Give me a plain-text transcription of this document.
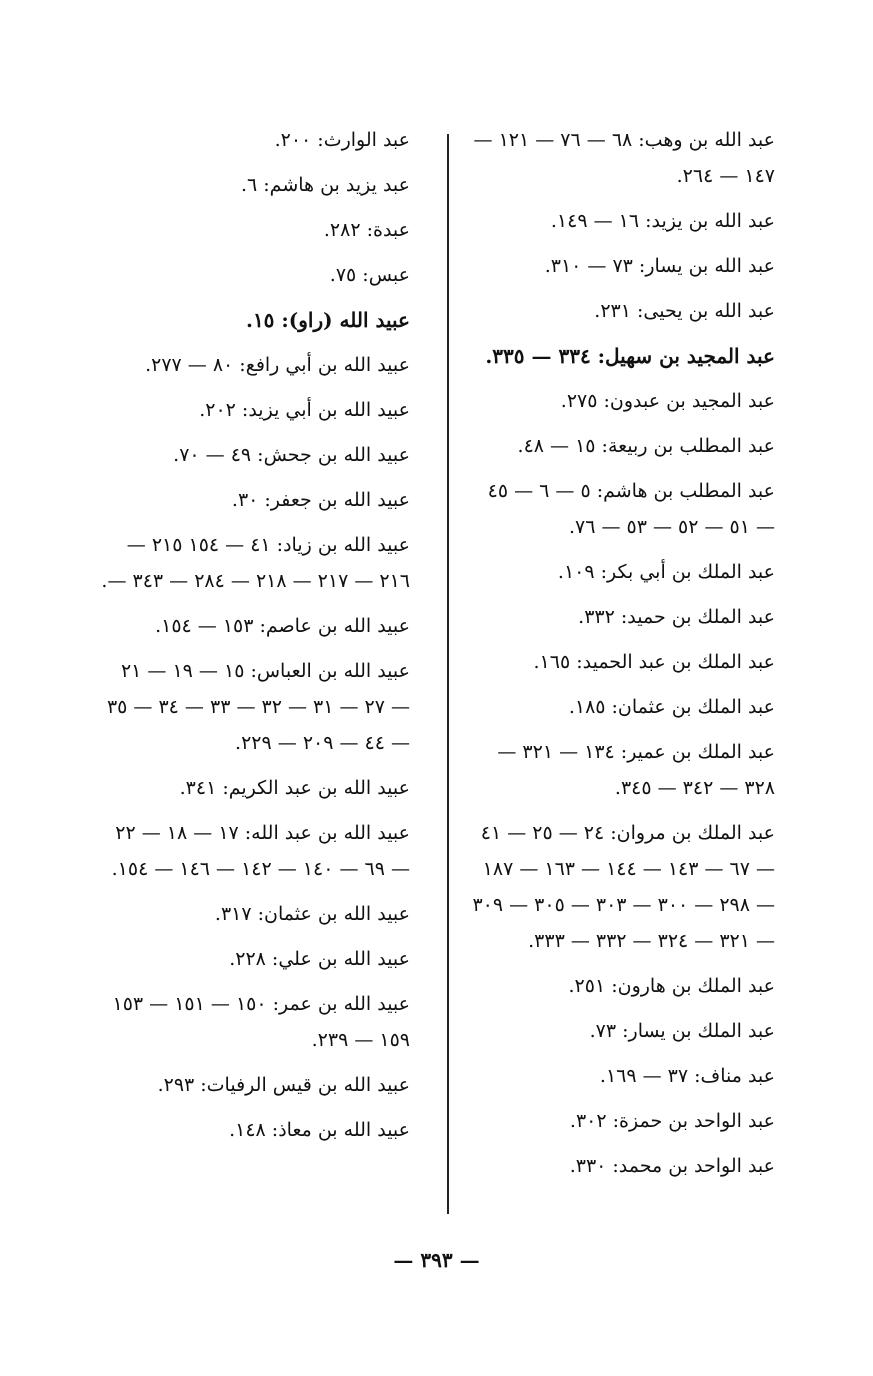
عبد الوارث: ٢٠٠.

عبد يزيد بن هاشم: ٦.

عبدة: ٢٨٢.

عبس: ٧٥.

عبيد الله (راو): ١٥.

عبيد الله بن أبي رافع: ٨٠ — ٢٧٧.

عبيد الله بن أبي يزيد: ٢٠٢.

عبيد الله بن جحش: ٤٩ — ٧٠.

عبيد الله بن جعفر: ٣٠.

عبيد الله بن زياد: ٤١ — ١٥٤ ٢١٥ — ٢١٦ — ٢١٧ — ٢١٨ — ٢٨٤ — ٣٤٣ —.

عبيد الله بن عاصم: ١٥٣ — ١٥٤.

عبيد الله بن العباس: ١٥ — ١٩ — ٢١ — ٢٧ — ٣١ — ٣٢ — ٣٣ — ٣٤ — ٣٥ — ٤٤ — ٢٠٩ — ٢٢٩.

عبيد الله بن عبد الكريم: ٣٤١.

عبيد الله بن عبد الله: ١٧ — ١٨ — ٢٢ — ٦٩ — ١٤٠ — ١٤٢ — ١٤٦ — ١٥٤.

عبيد الله بن عثمان: ٣١٧.

عبيد الله بن علي: ٢٢٨.

عبيد الله بن عمر: ١٥٠ — ١٥١ — ١٥٣ ١٥٩ — ٢٣٩.

عبيد الله بن قيس الرفيات: ٢٩٣.

عبيد الله بن معاذ: ١٤٨.

عبد الله بن وهب: ٦٨ — ٧٦ — ١٢١ — ١٤٧ — ٢٦٤.

عبد الله بن يزيد: ١٦ — ١٤٩.

عبد الله بن يسار: ٧٣ — ٣١٠.

عبد الله بن يحيى: ٢٣١.

عبد المجيد بن سهيل: ٣٣٤ — ٣٣٥.

عبد المجيد بن عبدون: ٢٧٥.

عبد المطلب بن ربيعة: ١٥ — ٤٨.

عبد المطلب بن هاشم: ٥ — ٦ — ٤٥ — ٥١ — ٥٢ — ٥٣ — ٧٦.

عبد الملك بن أبي بكر: ١٠٩.

عبد الملك بن حميد: ٣٣٢.

عبد الملك بن عبد الحميد: ١٦٥.

عبد الملك بن عثمان: ١٨٥.

عبد الملك بن عمير: ١٣٤ — ٣٢١ — ٣٢٨ — ٣٤٢ — ٣٤٥.

عبد الملك بن مروان: ٢٤ — ٢٥ — ٤١ — ٦٧ — ١٤٣ — ١٤٤ — ١٦٣ — ١٨٧ — ٢٩٨ — ٣٠٠ — ٣٠٣ — ٣٠٥ — ٣٠٩ — ٣٢١ — ٣٢٤ — ٣٣٢ — ٣٣٣.

عبد الملك بن هارون: ٢٥١.

عبد الملك بن يسار: ٧٣.

عبد مناف: ٣٧ — ١٦٩.

عبد الواحد بن حمزة: ٣٠٢.

عبد الواحد بن محمد: ٣٣٠.

— ٣٩٣ —
